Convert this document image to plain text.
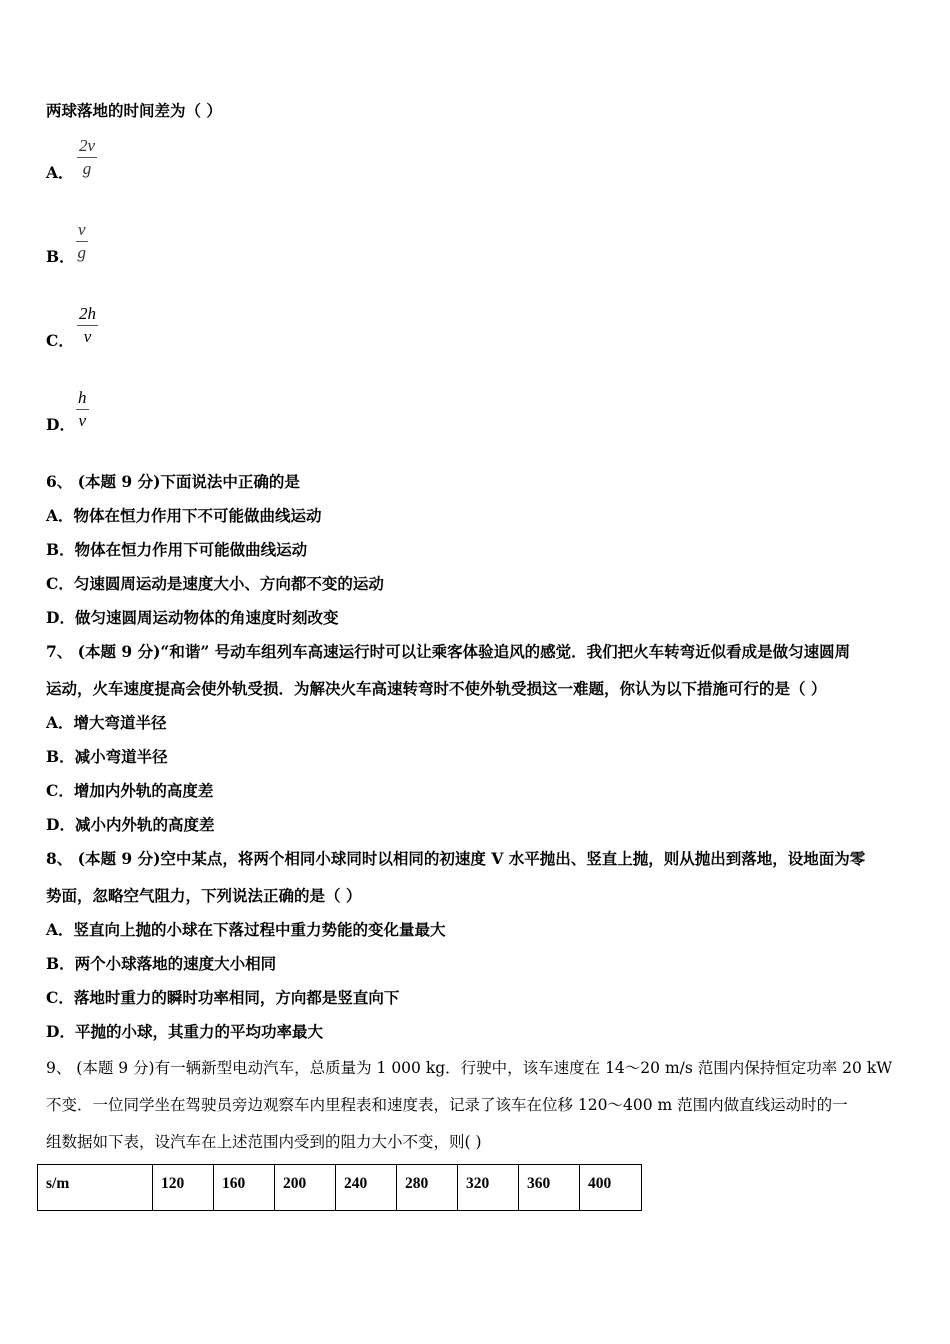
两球落地的时间差为（ ）
A． $\frac{2v}{g}$
B． $\frac{v}{g}$
C． $\frac{2h}{v}$
D． $\frac{h}{v}$
6、 (本题 9 分)下面说法中正确的是
A．物体在恒力作用下不可能做曲线运动
B．物体在恒力作用下可能做曲线运动
C．匀速圆周运动是速度大小、方向都不变的运动
D．做匀速圆周运动物体的角速度时刻改变
7、 (本题 9 分)“和谐” 号动车组列车高速运行时可以让乘客体验追风的感觉．我们把火车转弯近似看成是做匀速圆周
运动，火车速度提高会使外轨受损．为解决火车高速转弯时不使外轨受损这一难题，你认为以下措施可行的是（ ）
A．增大弯道半径
B．减小弯道半径
C．增加内外轨的高度差
D．减小内外轨的高度差
8、 (本题 9 分)空中某点，将两个相同小球同时以相同的初速度 V 水平抛出、竖直上抛，则从抛出到落地，设地面为零
势面，忽略空气阻力，下列说法正确的是（ ）
A．竖直向上抛的小球在下落过程中重力势能的变化量最大
B．两个小球落地的速度大小相同
C．落地时重力的瞬时功率相同，方向都是竖直向下
D．平抛的小球，其重力的平均功率最大
9、 (本题 9 分)有一辆新型电动汽车，总质量为 1 000 kg．行驶中，该车速度在 14～20 m/s 范围内保持恒定功率 20 kW
不变．一位同学坐在驾驶员旁边观察车内里程表和速度表，记录了该车在位移 120～400 m 范围内做直线运动时的一
组数据如下表，设汽车在上述范围内受到的阻力大小不变，则( )
s/m	120	160	200	240	280	320	360	400
